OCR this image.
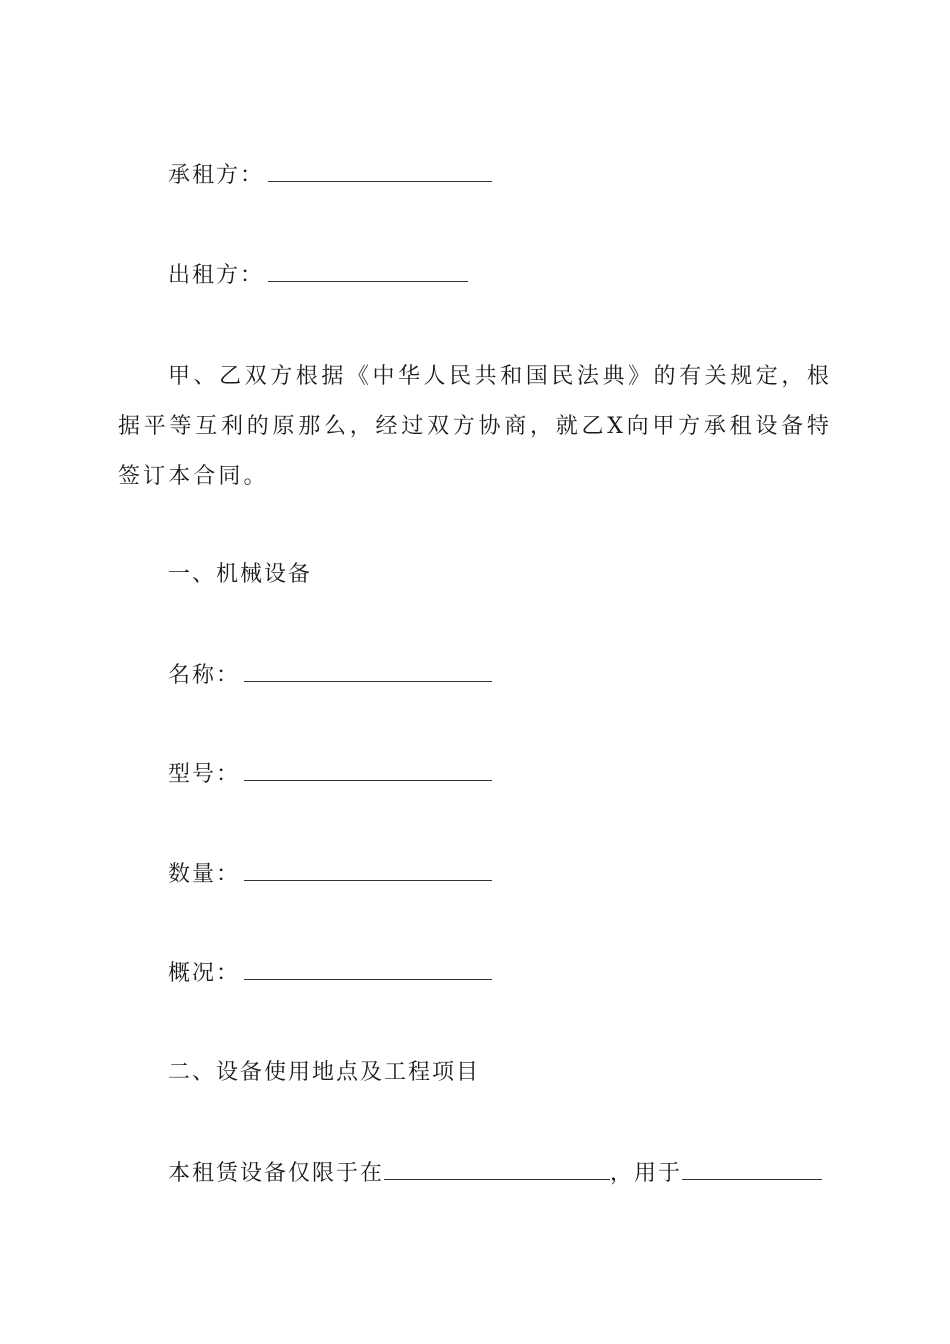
承租方：
出租方：
甲、乙双方根据《中华人民共和国民法典》的有关规定，根据平等互利的原那么，经过双方协商，就乙X向甲方承租设备特签订本合同。
一、机械设备
名称：
型号：
数量：
概况：
二、设备使用地点及工程项目
本租赁设备仅限于在	，用于
